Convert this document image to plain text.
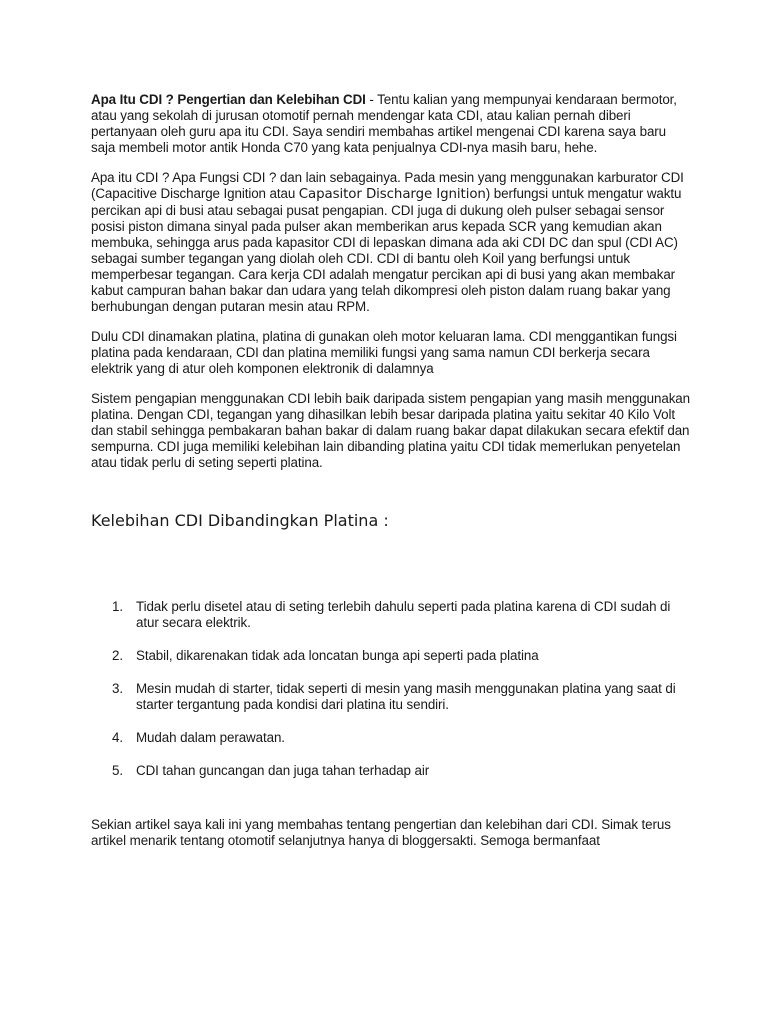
Apa Itu CDI ? Pengertian dan Kelebihan CDI - Tentu kalian yang mempunyai kendaraan bermotor, atau yang sekolah di jurusan otomotif pernah mendengar kata CDI, atau kalian pernah diberi pertanyaan oleh guru apa itu CDI. Saya sendiri membahas artikel mengenai CDI karena saya baru saja membeli motor antik Honda C70 yang kata penjualnya CDI-nya masih baru, hehe.

Apa itu CDI ? Apa Fungsi CDI ? dan lain sebagainya. Pada mesin yang menggunakan karburator CDI (Capacitive Discharge Ignition atau Capasitor Discharge Ignition) berfungsi untuk mengatur waktu percikan api di busi atau sebagai pusat pengapian. CDI juga di dukung oleh pulser sebagai sensor posisi piston dimana sinyal pada pulser akan memberikan arus kepada SCR yang kemudian akan membuka, sehingga arus pada kapasitor CDI di lepaskan dimana ada aki CDI DC dan spul (CDI AC) sebagai sumber tegangan yang diolah oleh CDI. CDI di bantu oleh Koil yang berfungsi untuk memperbesar tegangan. Cara kerja CDI adalah mengatur percikan api di busi yang akan membakar kabut campuran bahan bakar dan udara yang telah dikompresi oleh piston dalam ruang bakar yang berhubungan dengan putaran mesin atau RPM.

Dulu CDI dinamakan platina, platina di gunakan oleh motor keluaran lama. CDI menggantikan fungsi platina pada kendaraan, CDI dan platina memiliki fungsi yang sama namun CDI berkerja secara elektrik yang di atur oleh komponen elektronik di dalamnya

Sistem pengapian menggunakan CDI lebih baik daripada sistem pengapian yang masih menggunakan platina. Dengan CDI, tegangan yang dihasilkan lebih besar daripada platina yaitu sekitar 40 Kilo Volt dan stabil sehingga pembakaran bahan bakar di dalam ruang bakar dapat dilakukan secara efektif dan sempurna. CDI juga memiliki kelebihan lain dibanding platina yaitu CDI tidak memerlukan penyetelan atau tidak perlu di seting seperti platina.

Kelebihan CDI Dibandingkan Platina :
1. Tidak perlu disetel atau di seting terlebih dahulu seperti pada platina karena di CDI sudah di atur secara elektrik.
2. Stabil, dikarenakan tidak ada loncatan bunga api seperti pada platina
3. Mesin mudah di starter, tidak seperti di mesin yang masih menggunakan platina yang saat di starter tergantung pada kondisi dari platina itu sendiri.
4. Mudah dalam perawatan.
5. CDI tahan guncangan dan juga tahan terhadap air

Sekian artikel saya kali ini yang membahas tentang pengertian dan kelebihan dari CDI. Simak terus artikel menarik tentang otomotif selanjutnya hanya di bloggersakti. Semoga bermanfaat
